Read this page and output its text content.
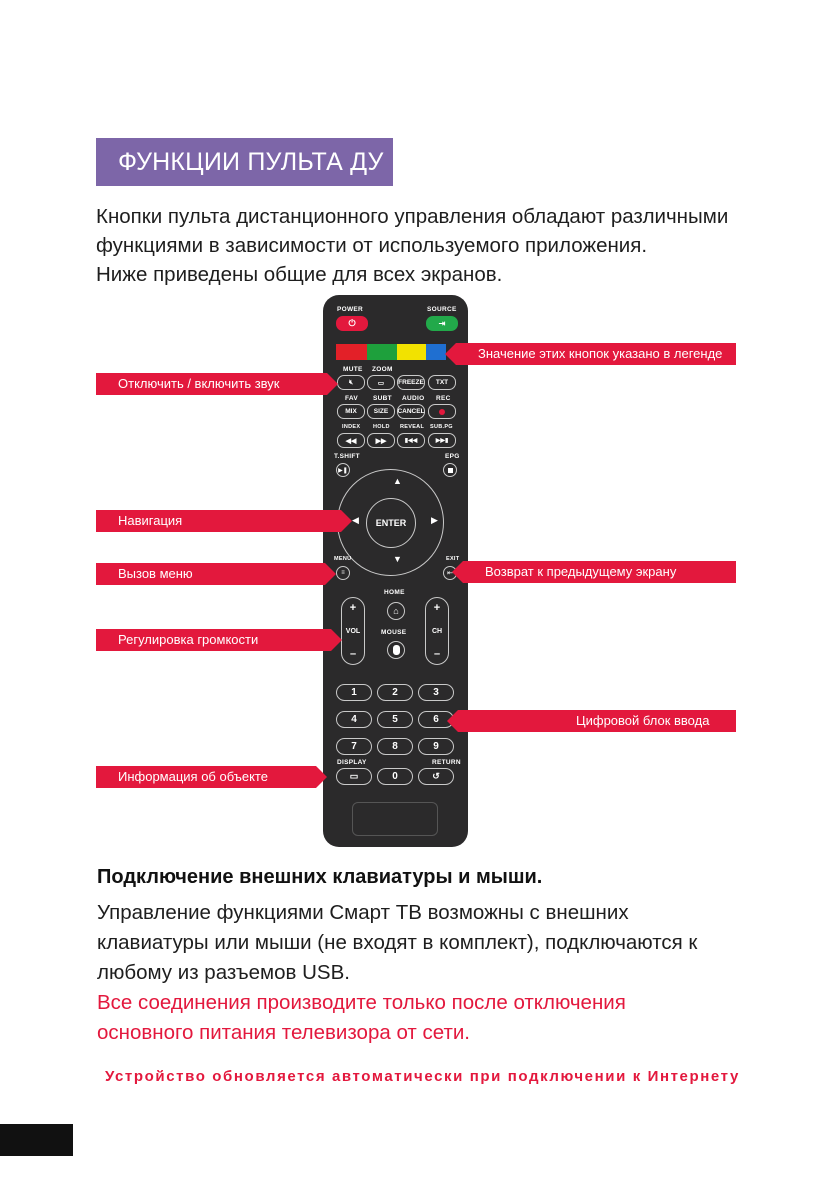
ФУНКЦИИ ПУЛЬТА ДУ
Кнопки пульта дистанционного управления обладают различными
функциями в зависимости от используемого приложения.
Ниже приведены общие для всех экранов.
POWER
⏻
SOURCE
⇥
MUTE ZOOM
🔇︎	▭ FREEZE	TXT
FAV SUBT AUDIO REC
MIX	SIZE	CANCEL
INDEX HOLD REVEAL SUB.PG
◀◀	▶▶	▮◀◀	▶▶▮
T.SHIFT
▶❚
EPG
▲
▼
◀	▶
ENTER
MENU
≡
EXIT
⇤
+
VOL
–
+
CH
–
HOME
⌂
MOUSE
1	2	3
4	5	6
7	8	9
DISPLAY	RETURN
▭	0	↺
Значение этих кнопок указано в легенде
Отключить / включить звук
Навигация
Вызов меню	Возврат к предыдущему экрану
Регулировка громкости
Цифровой блок ввода
Информация об объекте
Подключение внешних клавиатуры и мыши.
Управление функциями Смарт ТВ возможны с внешних
клавиатуры или мыши (не входят в комплект), подключаются к
любому из разъемов USB.
Все соединения производите только после отключения
основного питания телевизора от сети.
Устройство обновляется автоматически при подключении к Интернету
